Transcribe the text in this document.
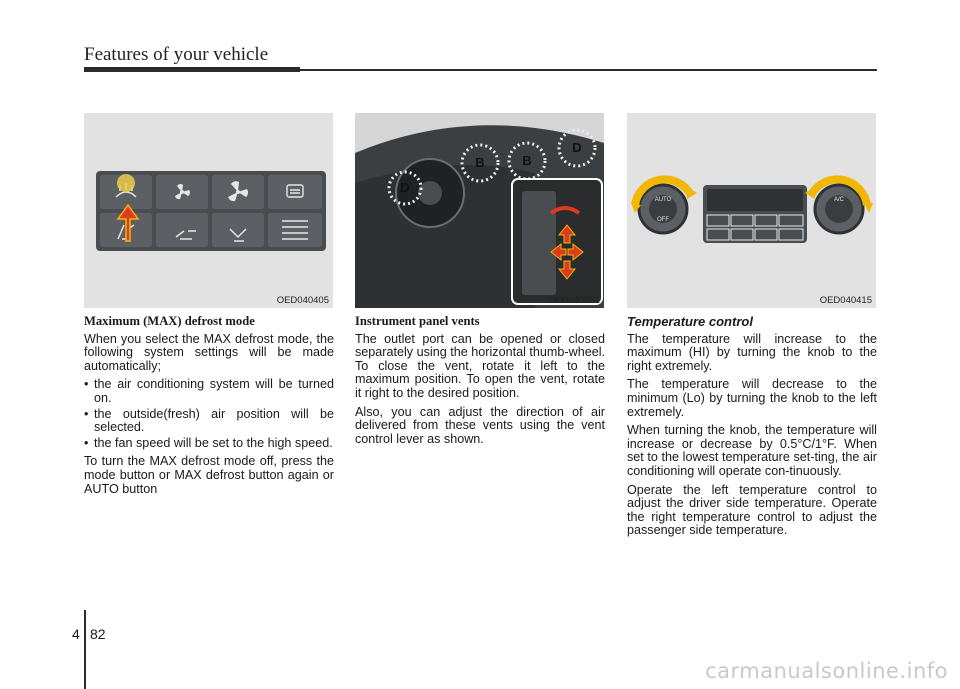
Features of your vehicle
OED040405
D
B	B
D
OED040051
AUTO
OFF
A/C
OED040415
Maximum (MAX) defrost mode

When you select the MAX defrost mode, the following system settings will be made automatically;

• the air conditioning system will be turned on.
• the outside(fresh) air position will be selected.
• the fan speed will be set to the high speed.

To turn the MAX defrost mode off, press the mode button or MAX defrost button again or AUTO button

Instrument panel vents

The outlet port can be opened or closed separately using the horizontal thumb-wheel. To close the vent, rotate it left to the maximum position. To open the vent, rotate it right to the desired position.

Also, you can adjust the direction of air delivered from these vents using the vent control lever as shown.

Temperature control

The temperature will increase to the maximum (HI) by turning the knob to the right extremely.

The temperature will decrease to the minimum (Lo) by turning the knob to the left extremely.

When turning the knob, the temperature will increase or decrease by 0.5°C/1°F. When set to the lowest temperature set-ting, the air conditioning will operate con-tinuously.

Operate the left temperature control to adjust the driver side temperature. Operate the right temperature control to adjust the passenger side temperature.

4 82
carmanualsonline.info
